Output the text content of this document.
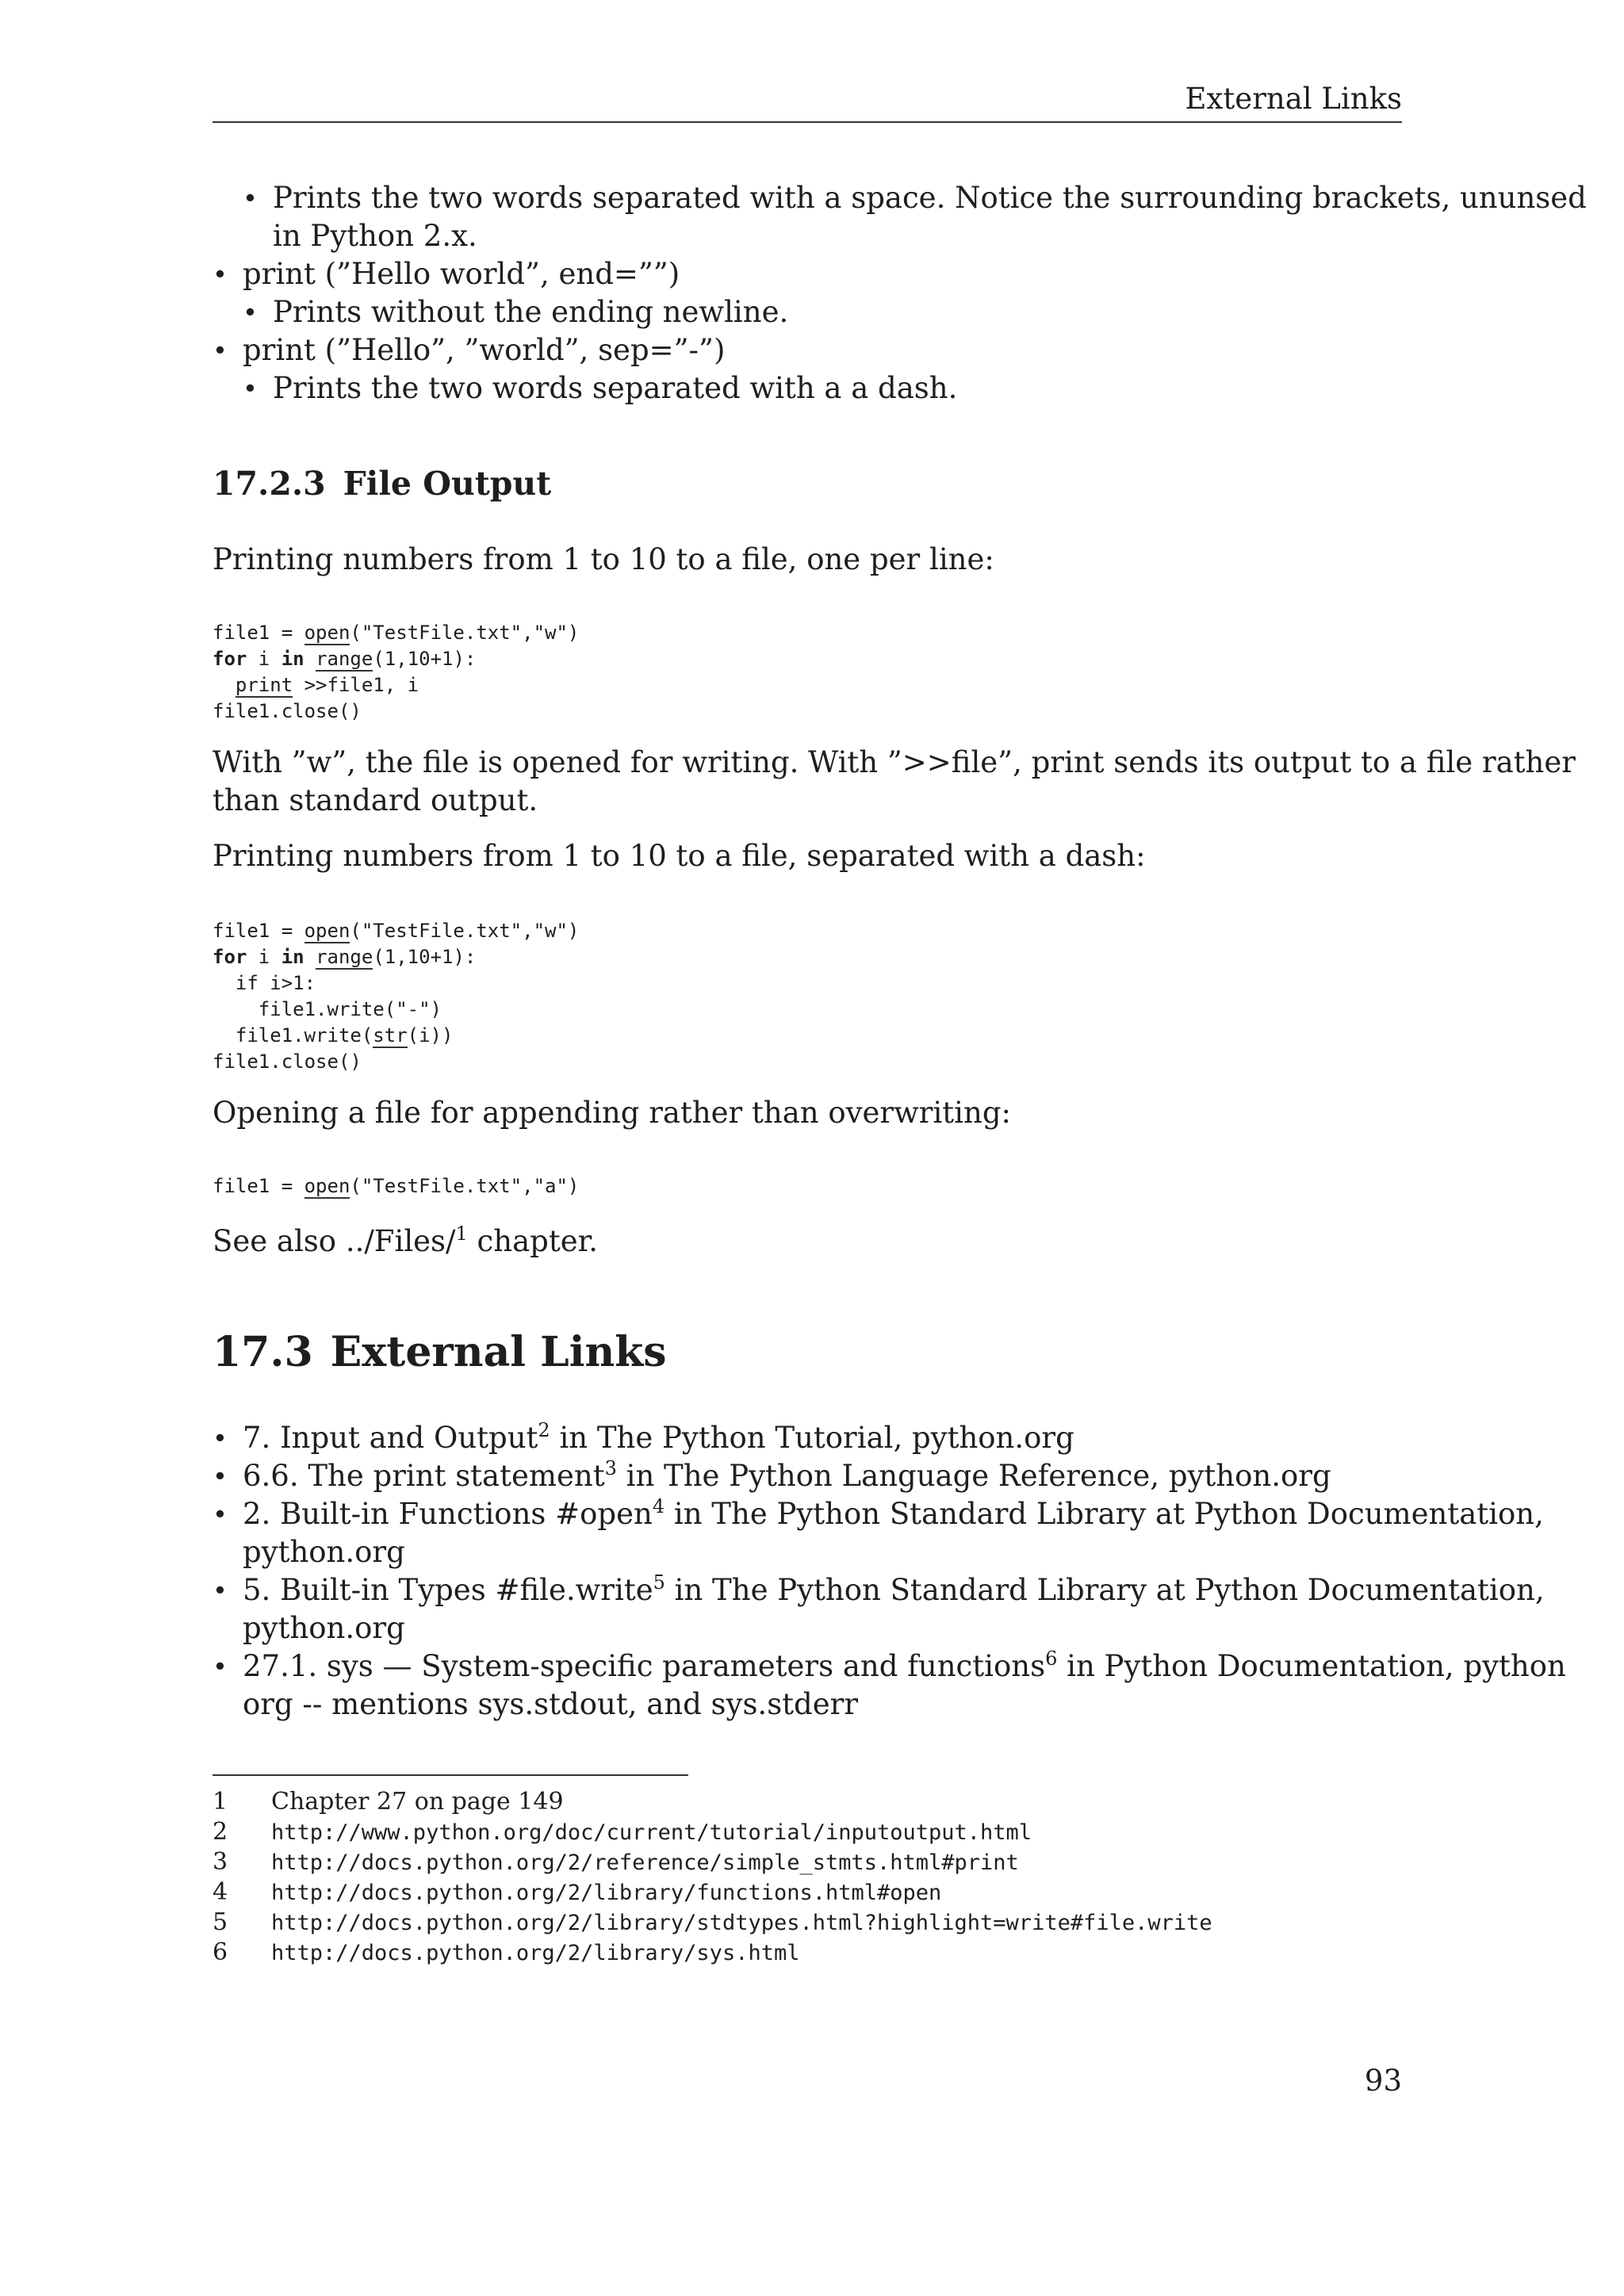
External Links
• Prints the two words separated with a space. Notice the surrounding brackets, ununsed
in Python 2.x.
• print (”Hello world”, end=””)
• Prints without the ending newline.
• print (”Hello”, ”world”, sep=”-”)
• Prints the two words separated with a a dash.
17.2.3 File Output
Printing numbers from 1 to 10 to a file, one per line:
file1 = open("TestFile.txt","w")
for i in range(1,10+1):
print >>file1, i
file1.close()
With ”w”, the file is opened for writing. With ”>>file”, print sends its output to a file rather
than standard output.
Printing numbers from 1 to 10 to a file, separated with a dash:
file1 = open("TestFile.txt","w")
for i in range(1,10+1):
if i>1:
file1.write("-")
file1.write(str(i))
file1.close()
Opening a file for appending rather than overwriting:
file1 = open("TestFile.txt","a")
See also ../Files/$^1$ chapter.
17.3 External Links
• 7. Input and Output$^2$ in The Python Tutorial, python.org
• 6.6. The print statement$^3$ in The Python Language Reference, python.org
• 2. Built-in Functions #open$^4$ in The Python Standard Library at Python Documentation,
python.org
• 5. Built-in Types #file.write$^5$ in The Python Standard Library at Python Documentation,
python.org
• 27.1. sys — System-specific parameters and functions$^6$ in Python Documentation, python
org -- mentions sys.stdout, and sys.stderr
1 Chapter 27 on page 149
2 http://www.python.org/doc/current/tutorial/inputoutput.html
3 http://docs.python.org/2/reference/simple_stmts.html#print
4 http://docs.python.org/2/library/functions.html#open
5 http://docs.python.org/2/library/stdtypes.html?highlight=write#file.write
6 http://docs.python.org/2/library/sys.html
93
